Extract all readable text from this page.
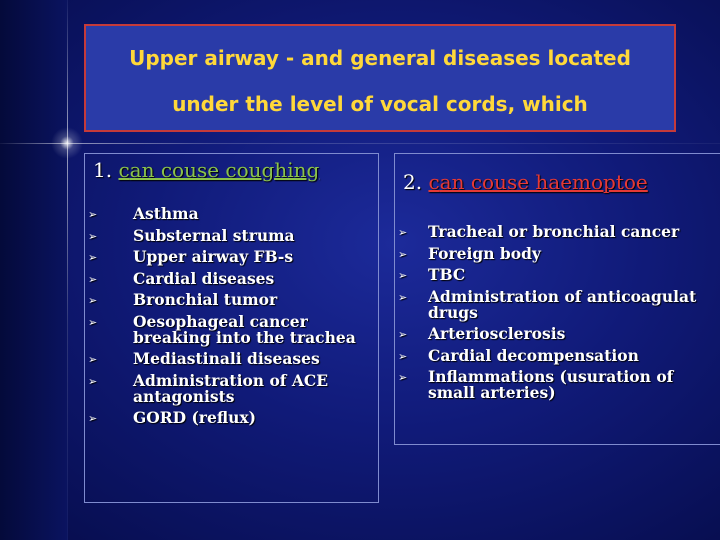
Upper airway - and general diseases located
under the level of vocal cords, which
1. can couse coughing
➢ Asthma
➢ Substernal struma
➢ Upper airway FB-s
➢ Cardial diseases
➢ Bronchial tumor
➢ Oesophageal cancer breaking into the trachea
➢ Mediastinali diseases
➢ Administration of ACE antagonists
➢ GORD (reflux)
2. can couse haemoptoe
➢ Tracheal or bronchial cancer
➢ Foreign body
➢ TBC
➢ Administration of anticoagulat drugs
➢ Arteriosclerosis
➢ Cardial decompensation
➢ Inflammations (usuration of small arteries)
